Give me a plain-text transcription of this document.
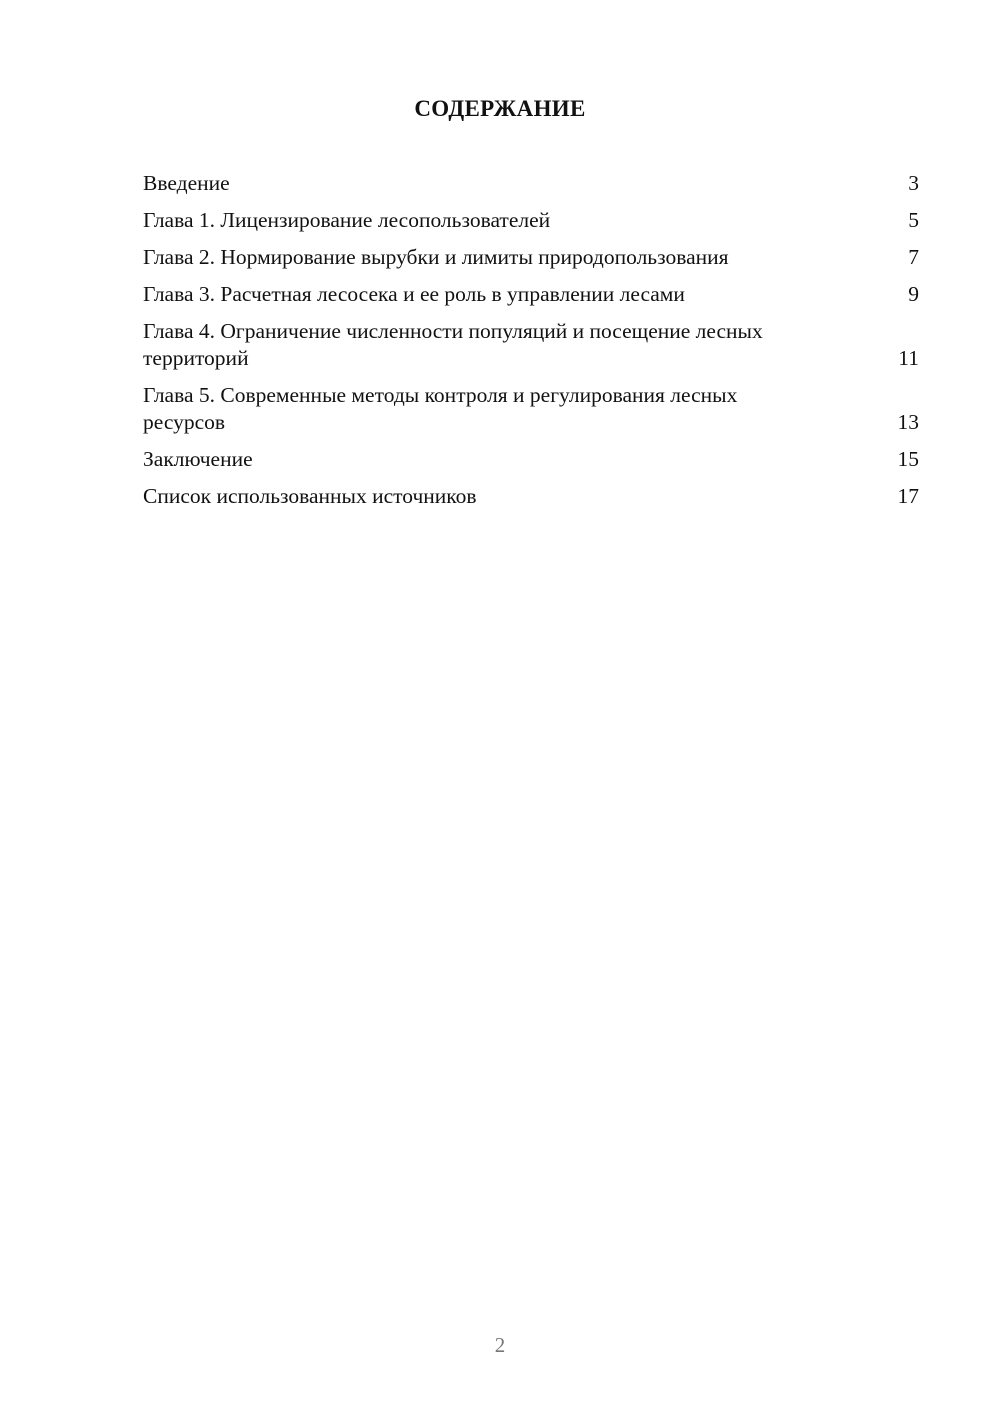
СОДЕРЖАНИЕ
Введение	3
Глава 1. Лицензирование лесопользователей	5
Глава 2. Нормирование вырубки и лимиты природопользования	7
Глава 3. Расчетная лесосека и ее роль в управлении лесами	9
Глава 4. Ограничение численности популяций и посещение лесных территорий	11
Глава 5. Современные методы контроля и регулирования лесных ресурсов	13
Заключение	15
Список использованных источников	17
2
